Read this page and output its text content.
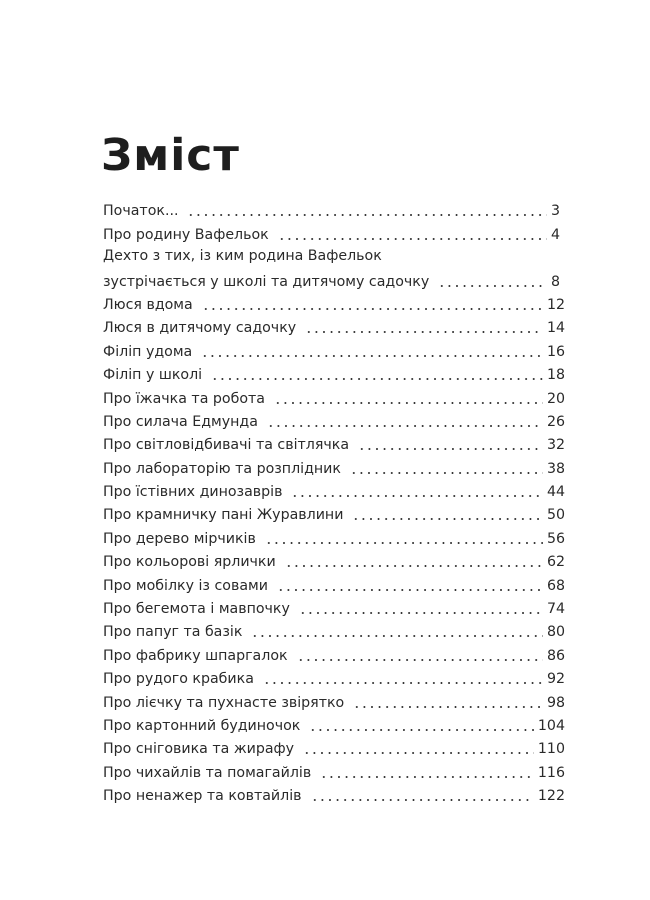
Зміст
Початок...	3
Про родину Вафельок	4
Дехто з тих, із ким родина Вафельок
зустрічається у школі та дитячому садочку	8
Люся вдома	12
Люся в дитячому садочку	14
Філіп удома	16
Філіп у школі	18
Про їжачка та робота	20
Про силача Едмунда	26
Про світловідбивачі та світлячка	32
Про лабораторію та розплідник	38
Про їстівних динозаврів	44
Про крамничку пані Журавлини	50
Про дерево мірчиків	56
Про кольорові ярлички	62
Про мобілку із совами	68
Про бегемота і мавпочку	74
Про папуг та базік	80
Про фабрику шпаргалок	86
Про рудого крабика	92
Про лієчку та пухнасте звірятко	98
Про картонний будиночок	104
Про сніговика та жирафу	110
Про чихайлів та помагайлів	116
Про ненажер та ковтайлів	122
